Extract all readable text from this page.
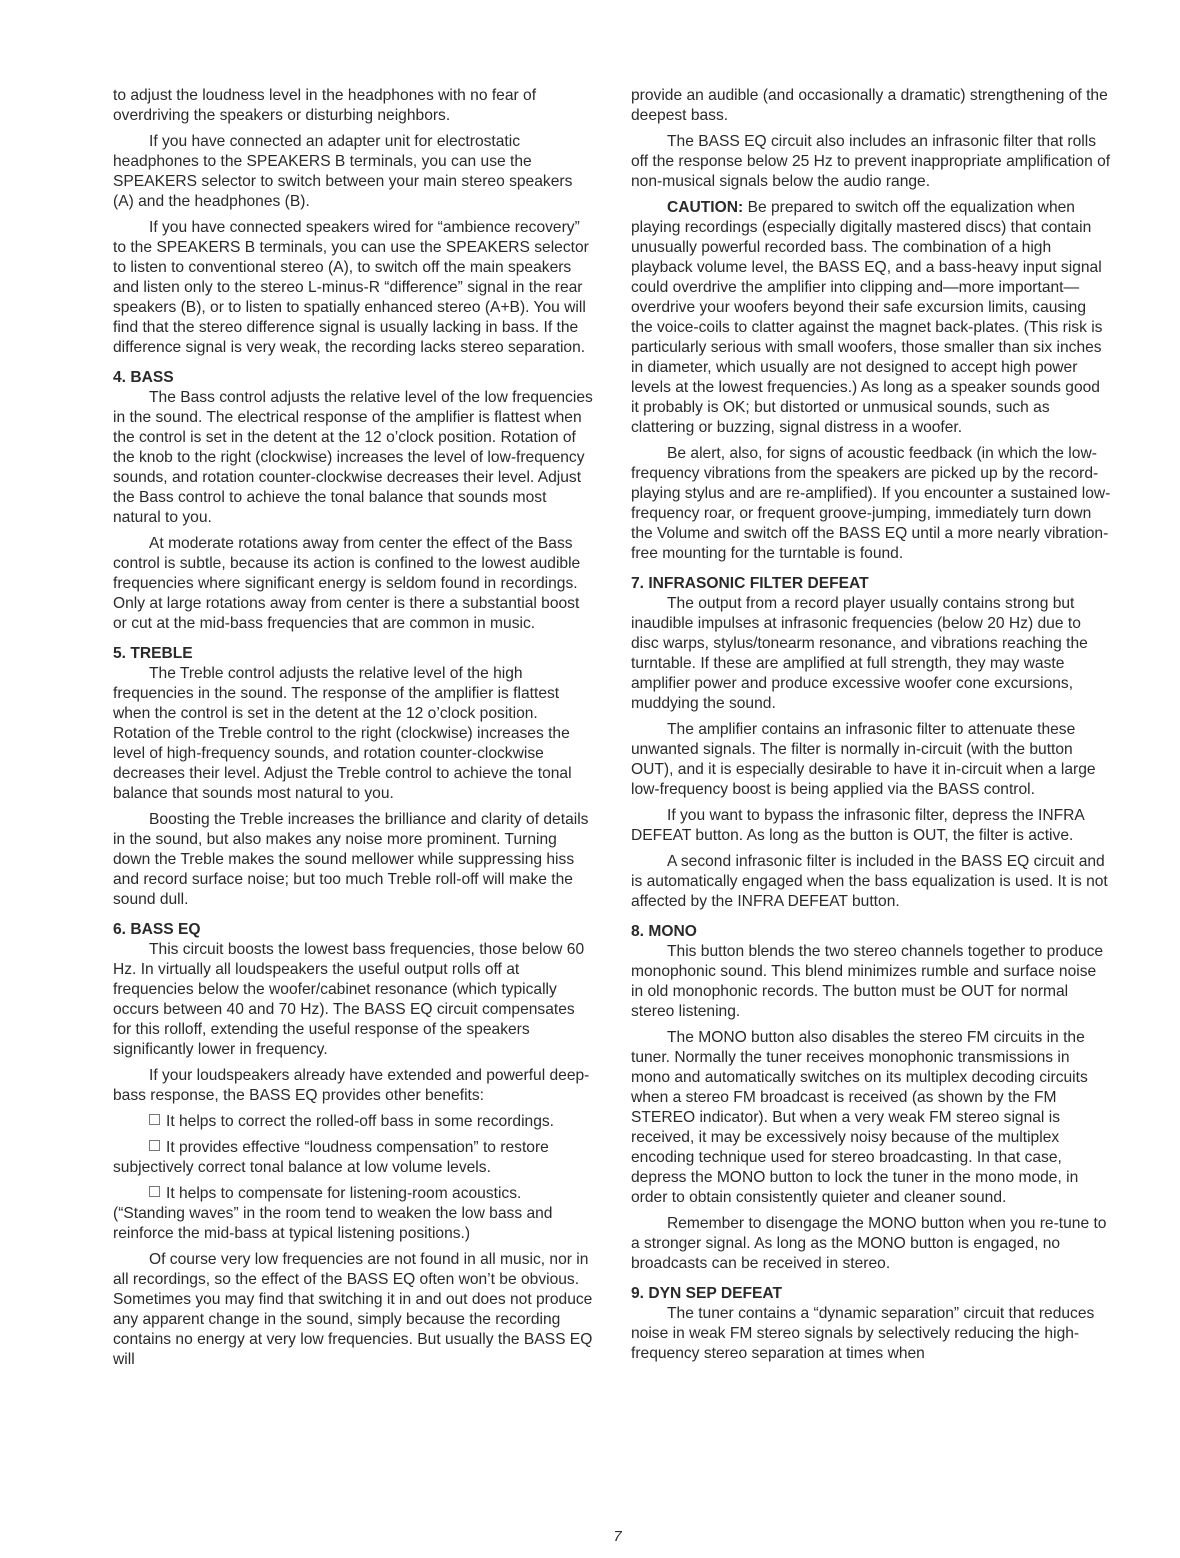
to adjust the loudness level in the headphones with no fear of overdriving the speakers or disturbing neighbors.

If you have connected an adapter unit for electrostatic headphones to the SPEAKERS B terminals, you can use the SPEAKERS selector to switch between your main stereo speakers (A) and the headphones (B).

If you have connected speakers wired for “ambience recovery” to the SPEAKERS B terminals, you can use the SPEAKERS selector to listen to conventional stereo (A), to switch off the main speakers and listen only to the stereo L-minus-R “difference” signal in the rear speakers (B), or to listen to spatially enhanced stereo (A+B). You will find that the stereo difference signal is usually lacking in bass. If the difference signal is very weak, the recording lacks stereo separation.

4. BASS

The Bass control adjusts the relative level of the low frequencies in the sound. The electrical response of the amplifier is flattest when the control is set in the detent at the 12 o’clock position. Rotation of the knob to the right (clockwise) increases the level of low-frequency sounds, and rotation counter-clockwise decreases their level. Adjust the Bass control to achieve the tonal balance that sounds most natural to you.

At moderate rotations away from center the effect of the Bass control is subtle, because its action is confined to the lowest audible frequencies where significant energy is seldom found in recordings. Only at large rotations away from center is there a substantial boost or cut at the mid-bass frequencies that are common in music.

5. TREBLE

The Treble control adjusts the relative level of the high frequencies in the sound. The response of the amplifier is flattest when the control is set in the detent at the 12 o’clock position. Rotation of the Treble control to the right (clockwise) increases the level of high-frequency sounds, and rotation counter-clockwise decreases their level. Adjust the Treble control to achieve the tonal balance that sounds most natural to you.

Boosting the Treble increases the brilliance and clarity of details in the sound, but also makes any noise more prominent. Turning down the Treble makes the sound mellower while suppressing hiss and record surface noise; but too much Treble roll-off will make the sound dull.

6. BASS EQ

This circuit boosts the lowest bass frequencies, those below 60 Hz. In virtually all loudspeakers the useful output rolls off at frequencies below the woofer/cabinet resonance (which typically occurs between 40 and 70 Hz). The BASS EQ circuit compensates for this rolloff, extending the useful response of the speakers significantly lower in frequency.

If your loudspeakers already have extended and powerful deep-bass response, the BASS EQ provides other benefits:

It helps to correct the rolled-off bass in some recordings.

It provides effective “loudness compensation” to restore subjectively correct tonal balance at low volume levels.

It helps to compensate for listening-room acoustics. (“Standing waves” in the room tend to weaken the low bass and reinforce the mid-bass at typical listening positions.)

Of course very low frequencies are not found in all music, nor in all recordings, so the effect of the BASS EQ often won’t be obvious. Sometimes you may find that switching it in and out does not produce any apparent change in the sound, simply because the recording contains no energy at very low frequencies. But usually the BASS EQ will

provide an audible (and occasionally a dramatic) strengthening of the deepest bass.

The BASS EQ circuit also includes an infrasonic filter that rolls off the response below 25 Hz to prevent inappropriate amplification of non-musical signals below the audio range.

CAUTION: Be prepared to switch off the equalization when playing recordings (especially digitally mastered discs) that contain unusually powerful recorded bass. The combination of a high playback volume level, the BASS EQ, and a bass-heavy input signal could overdrive the amplifier into clipping and—more important—overdrive your woofers beyond their safe excursion limits, causing the voice-coils to clatter against the magnet back-plates. (This risk is particularly serious with small woofers, those smaller than six inches in diameter, which usually are not designed to accept high power levels at the lowest frequencies.) As long as a speaker sounds good it probably is OK; but distorted or unmusical sounds, such as clattering or buzzing, signal distress in a woofer.

Be alert, also, for signs of acoustic feedback (in which the low-frequency vibrations from the speakers are picked up by the record-playing stylus and are re-amplified). If you encounter a sustained low-frequency roar, or frequent groove-jumping, immediately turn down the Volume and switch off the BASS EQ until a more nearly vibration-free mounting for the turntable is found.

7. INFRASONIC FILTER DEFEAT

The output from a record player usually contains strong but inaudible impulses at infrasonic frequencies (below 20 Hz) due to disc warps, stylus/tonearm resonance, and vibrations reaching the turntable. If these are amplified at full strength, they may waste amplifier power and produce excessive woofer cone excursions, muddying the sound.

The amplifier contains an infrasonic filter to attenuate these unwanted signals. The filter is normally in-circuit (with the button OUT), and it is especially desirable to have it in-circuit when a large low-frequency boost is being applied via the BASS control.

If you want to bypass the infrasonic filter, depress the INFRA DEFEAT button. As long as the button is OUT, the filter is active.

A second infrasonic filter is included in the BASS EQ circuit and is automatically engaged when the bass equalization is used. It is not affected by the INFRA DEFEAT button.

8. MONO

This button blends the two stereo channels together to produce monophonic sound. This blend minimizes rumble and surface noise in old monophonic records. The button must be OUT for normal stereo listening.

The MONO button also disables the stereo FM circuits in the tuner. Normally the tuner receives monophonic transmissions in mono and automatically switches on its multiplex decoding circuits when a stereo FM broadcast is received (as shown by the FM STEREO indicator). But when a very weak FM stereo signal is received, it may be excessively noisy because of the multiplex encoding technique used for stereo broadcasting. In that case, depress the MONO button to lock the tuner in the mono mode, in order to obtain consistently quieter and cleaner sound.

Remember to disengage the MONO button when you re-tune to a stronger signal. As long as the MONO button is engaged, no broadcasts can be received in stereo.

9. DYN SEP DEFEAT

The tuner contains a “dynamic separation” circuit that reduces noise in weak FM stereo signals by selectively reducing the high-frequency stereo separation at times when

7
